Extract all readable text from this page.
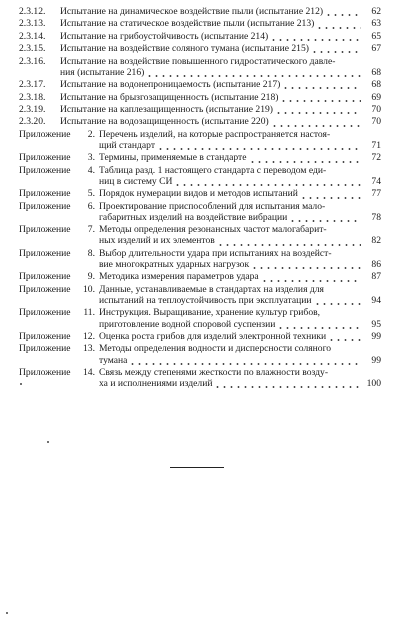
2.3.12.	Испытание на динамическое воздействие пыли (испытание 212)	62
2.3.13.	Испытание на статическое воздействие пыли (испытание 213)	63
2.3.14.	Испытание на грибоустойчивость (испытание 214)	65
2.3.15.	Испытание на воздействие соляного тумана (испытание 215)	67
2.3.16.	Испытание на воздействие повышенного гидростатического давле-
ния (испытание 216)	68
2.3.17.	Испытание на водонепроницаемость (испытание 217)	68
2.3.18.	Испытание на брызгозащищенность (испытание 218)	69
2.3.19.	Испытание на каплезащищенность (испытание 219)	70
2.3.20.	Испытание на водозащищенность (испытание 220)	70
Приложение	2. Перечень изделий, на которые распространяется настоя-
щий стандарт	71
Приложение	3. Термины, применяемые в стандарте	72
Приложение	4. Таблица разд. 1 настоящего стандарта с переводом еди-
ниц в систему СИ	74
Приложение	5. Порядок нумерации видов и методов испытаний	77
Приложение	6. Проектирование приспособлений для испытания мало-
габаритных изделий на воздействие вибрации	78
Приложение	7. Методы определения резонансных частот малогабарит-
ных изделий и их элементов	82
Приложение	8. Выбор длительности удара при испытаниях на воздейст-
вие многократных ударных нагрузок	86
Приложение	9. Методика измерения параметров удара	87
Приложение	10. Данные, устанавливаемые в стандартах на изделия для
испытаний на теплоустойчивость при эксплуатации	94
Приложение	11. Инструкция. Выращивание, хранение культур грибов,
приготовление водной споровой суспензии	95
Приложение	12. Оценка роста грибов для изделий электронной техники	99
Приложение	13. Методы определения водности и дисперсности соляного
тумана	99
Приложение	14. Связь между степенями жесткости по влажности возду-
ха и исполнениями изделий	100
